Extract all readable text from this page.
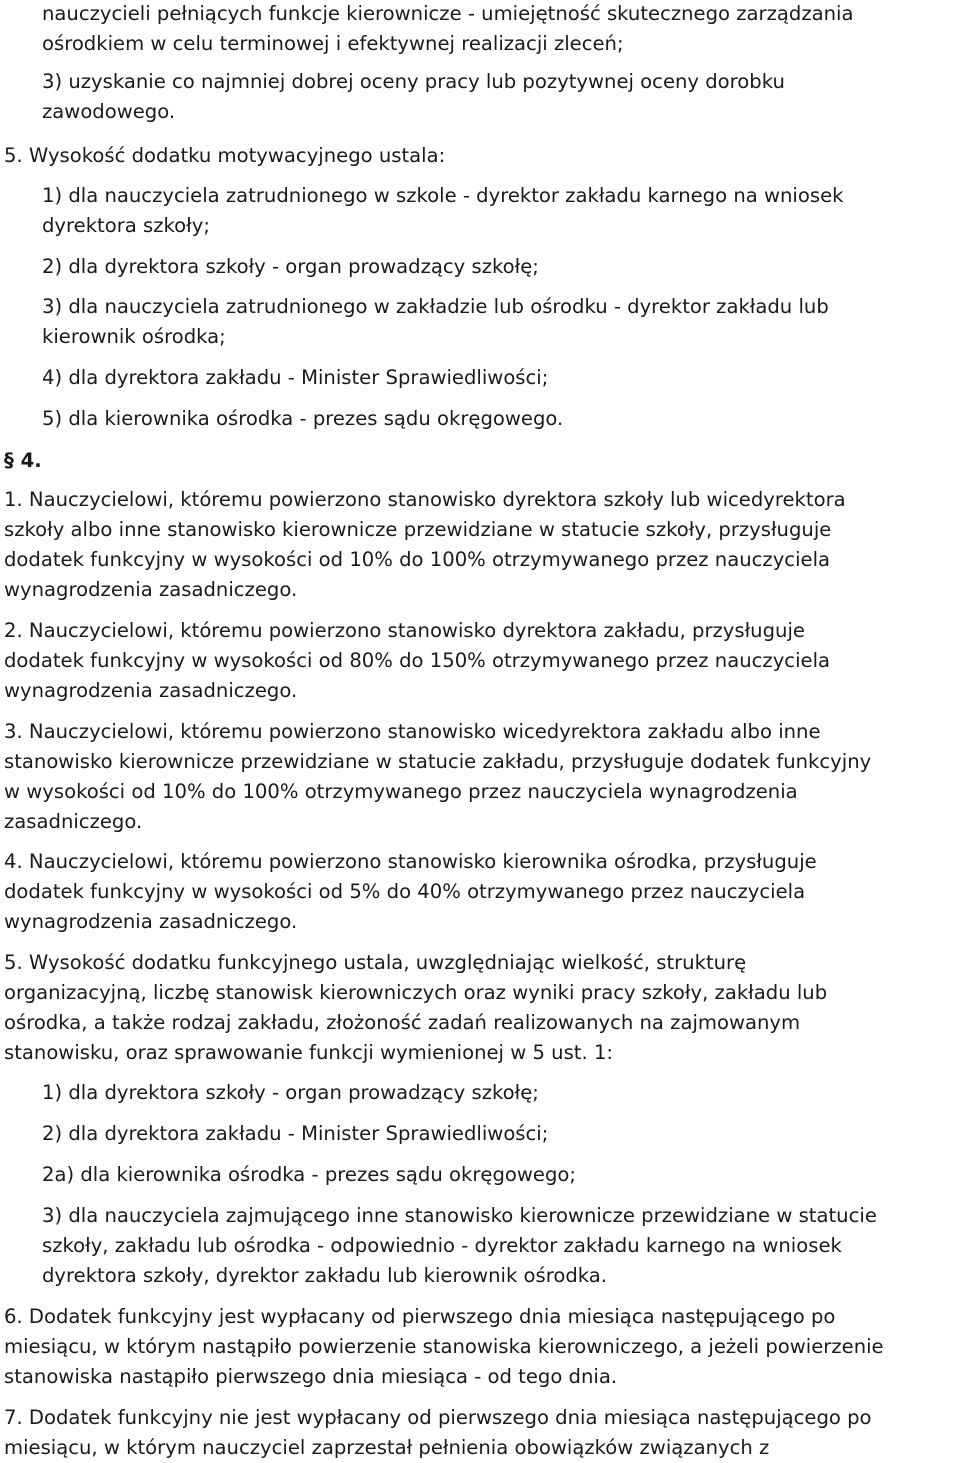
nauczycieli pełniących funkcje kierownicze - umiejętność skutecznego zarządzania

ośrodkiem w celu terminowej i efektywnej realizacji zleceń;

3) uzyskanie co najmniej dobrej oceny pracy lub pozytywnej oceny dorobku

zawodowego.

5. Wysokość dodatku motywacyjnego ustala:

1) dla nauczyciela zatrudnionego w szkole - dyrektor zakładu karnego na wniosek

dyrektora szkoły;

2) dla dyrektora szkoły - organ prowadzący szkołę;

3) dla nauczyciela zatrudnionego w zakładzie lub ośrodku - dyrektor zakładu lub

kierownik ośrodka;

4) dla dyrektora zakładu - Minister Sprawiedliwości;

5) dla kierownika ośrodka - prezes sądu okręgowego.

§ 4.

1. Nauczycielowi, któremu powierzono stanowisko dyrektora szkoły lub wicedyrektora

szkoły albo inne stanowisko kierownicze przewidziane w statucie szkoły, przysługuje

dodatek funkcyjny w wysokości od 10% do 100% otrzymywanego przez nauczyciela

wynagrodzenia zasadniczego.

2. Nauczycielowi, któremu powierzono stanowisko dyrektora zakładu, przysługuje

dodatek funkcyjny w wysokości od 80% do 150% otrzymywanego przez nauczyciela

wynagrodzenia zasadniczego.

3. Nauczycielowi, któremu powierzono stanowisko wicedyrektora zakładu albo inne

stanowisko kierownicze przewidziane w statucie zakładu, przysługuje dodatek funkcyjny

w wysokości od 10% do 100% otrzymywanego przez nauczyciela wynagrodzenia

zasadniczego.

4. Nauczycielowi, któremu powierzono stanowisko kierownika ośrodka, przysługuje

dodatek funkcyjny w wysokości od 5% do 40% otrzymywanego przez nauczyciela

wynagrodzenia zasadniczego.

5. Wysokość dodatku funkcyjnego ustala, uwzględniając wielkość, strukturę

organizacyjną, liczbę stanowisk kierowniczych oraz wyniki pracy szkoły, zakładu lub

ośrodka, a także rodzaj zakładu, złożoność zadań realizowanych na zajmowanym

stanowisku, oraz sprawowanie funkcji wymienionej w 5 ust. 1:

1) dla dyrektora szkoły - organ prowadzący szkołę;

2) dla dyrektora zakładu - Minister Sprawiedliwości;

2a) dla kierownika ośrodka - prezes sądu okręgowego;

3) dla nauczyciela zajmującego inne stanowisko kierownicze przewidziane w statucie

szkoły, zakładu lub ośrodka - odpowiednio - dyrektor zakładu karnego na wniosek

dyrektora szkoły, dyrektor zakładu lub kierownik ośrodka.

6. Dodatek funkcyjny jest wypłacany od pierwszego dnia miesiąca następującego po

miesiącu, w którym nastąpiło powierzenie stanowiska kierowniczego, a jeżeli powierzenie

stanowiska nastąpiło pierwszego dnia miesiąca - od tego dnia.

7. Dodatek funkcyjny nie jest wypłacany od pierwszego dnia miesiąca następującego po

miesiącu, w którym nauczyciel zaprzestał pełnienia obowiązków związanych z
